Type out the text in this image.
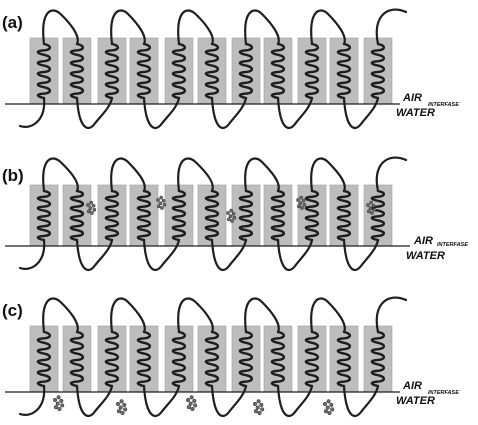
(a)
AIR
INTERFASE
WATER
(b)
AIR INTERFASE
WATER
(c)
AIR
INTERFASE
WATER
